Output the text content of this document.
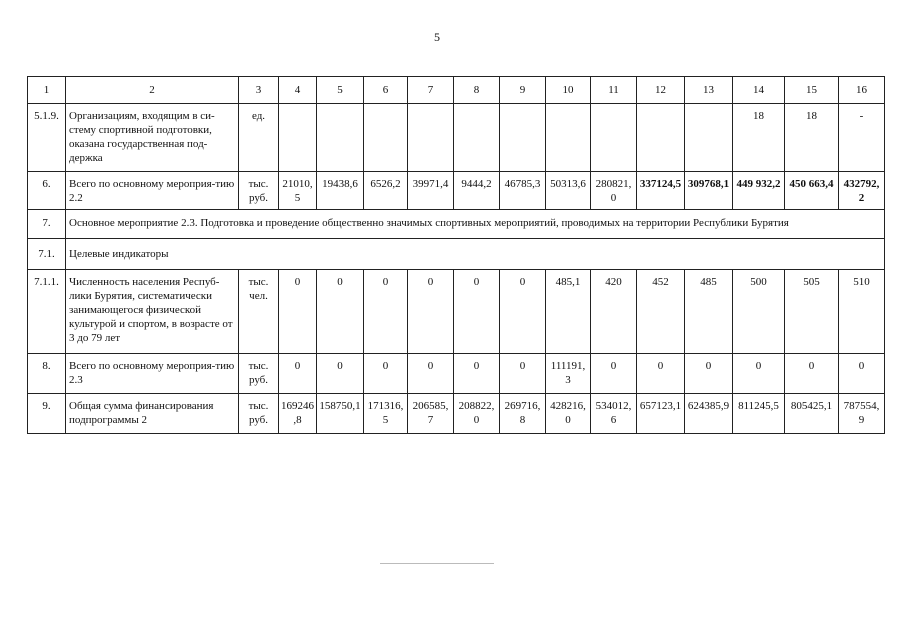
5
1	2	3	4	5	6	7	8	9	10	11	12	13	14	15	16
5.1.9.	Организациям, входящим в си-стему спортивной подготовки, оказана государственная под-держка	ед.											18	18	-
6.	Всего по основному мероприя-тию 2.2	тыс. руб.	21010,5	19438,6	6526,2	39971,4	9444,2	46785,3	50313,6	280821,0	337124,5	309768,1	449 932,2	450 663,4	432792,2
7.	Основное мероприятие 2.3. Подготовка и проведение общественно значимых спортивных мероприятий, проводимых на территории Республики Бурятия														
7.1.	Целевые индикаторы														
7.1.1.	Численность населения Респуб-лики Бурятия, систематически занимающегося физической культурой и спортом, в возрасте от 3 до 79 лет	тыс. чел.	0	0	0	0	0	0	485,1	420	452	485	500	505	510
8.	Всего по основному мероприя-тию 2.3	тыс. руб.	0	0	0	0	0	0	111191,3	0	0	0	0	0	0
9.	Общая сумма финансирования подпрограммы 2	тыс. руб.	169246,8	158750,1	171316,5	206585,7	208822,0	269716,8	428216,0	534012,6	657123,1	624385,9	811245,5	805425,1	787554,9
